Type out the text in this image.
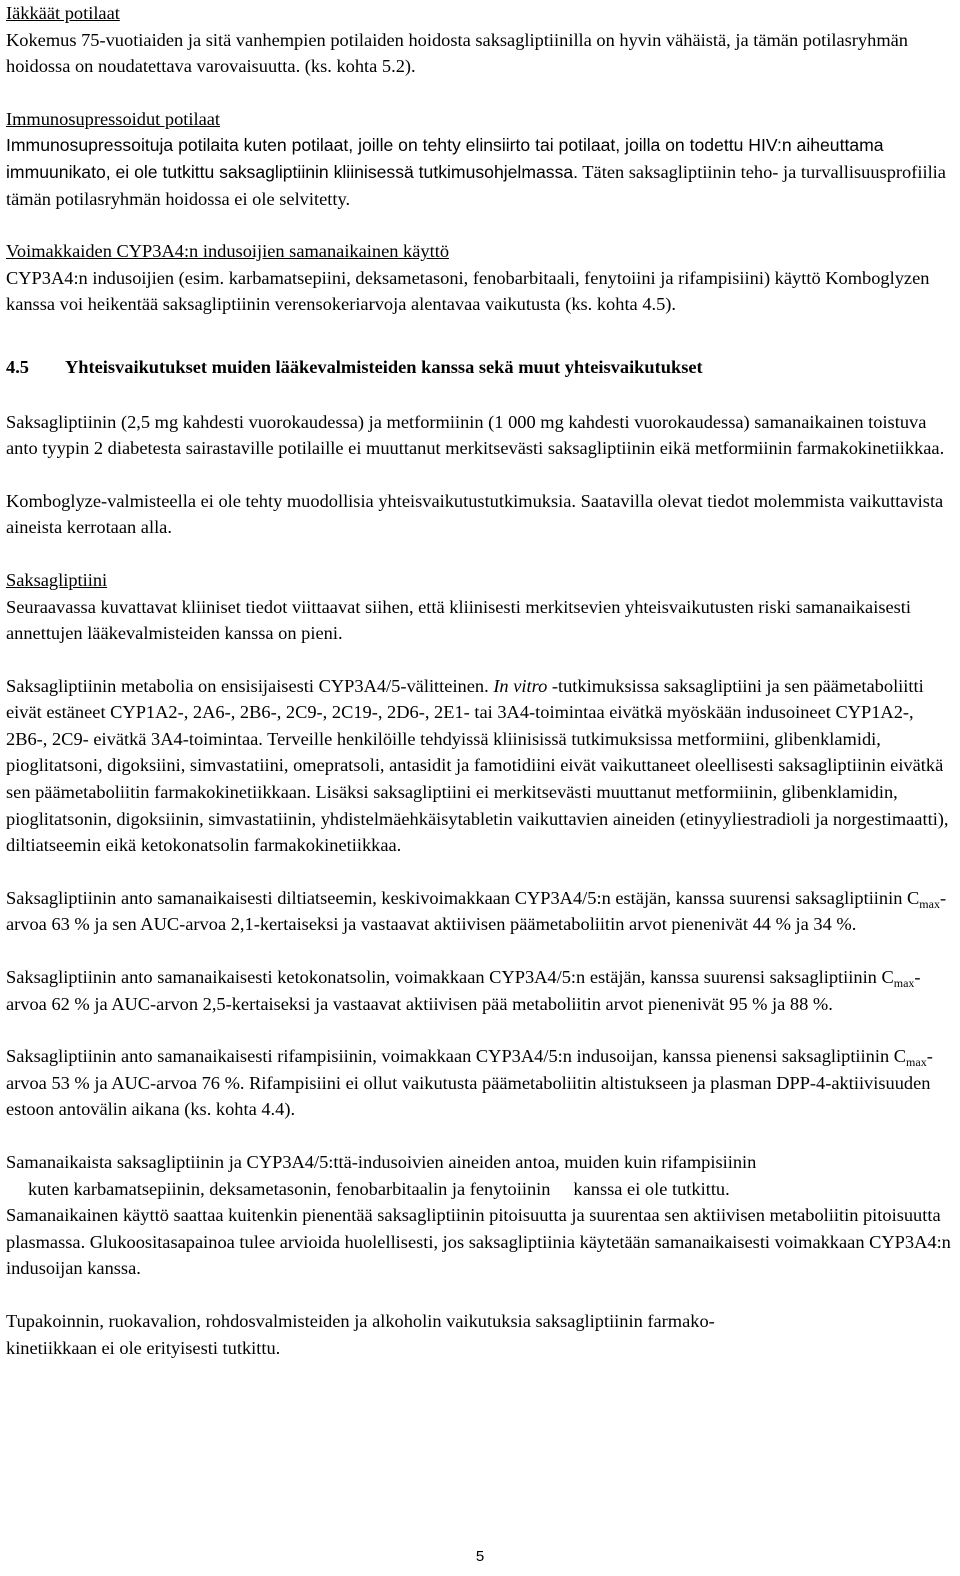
Iäkkäät potilaat
Kokemus 75-vuotiaiden ja sitä vanhempien potilaiden hoidosta saksagliptiinilla on hyvin vähäistä, ja tämän potilasryhmän hoidossa on noudatettava varovaisuutta. (ks. kohta 5.2).
Immunosupressoidut potilaat
Immunosupressoituja potilaita kuten potilaat, joille on tehty elinsiirto tai potilaat, joilla on todettu HIV:n aiheuttama immuunikato, ei ole tutkittu saksagliptiinin kliinisessä tutkimusohjelmassa. Täten saksagliptiinin teho- ja turvallisuusprofiilia tämän potilasryhmän hoidossa ei ole selvitetty.
Voimakkaiden CYP3A4:n indusoijien samanaikainen käyttö
CYP3A4:n indusoijien (esim. karbamatsepiini, deksametasoni, fenobarbitaali, fenytoiini ja rifampisiini) käyttö Komboglyzen kanssa voi heikentää saksagliptiinin verensokeriarvoja alentavaa vaikutusta (ks. kohta 4.5).
4.5	Yhteisvaikutukset muiden lääkevalmisteiden kanssa sekä muut yhteisvaikutukset
Saksagliptiinin (2,5 mg kahdesti vuorokaudessa) ja metformiinin (1 000 mg kahdesti vuorokaudessa) samanaikainen toistuva anto tyypin 2 diabetesta sairastaville potilaille ei muuttanut merkitsevästi saksagliptiinin eikä metformiinin farmakokinetiikkaa.
Komboglyze-valmisteella ei ole tehty muodollisia yhteisvaikutustutkimuksia. Saatavilla olevat tiedot molemmista vaikuttavista aineista kerrotaan alla.
Saksagliptiini
Seuraavassa kuvattavat kliiniset tiedot viittaavat siihen, että kliinisesti merkitsevien yhteisvaikutusten riski samanaikaisesti annettujen lääkevalmisteiden kanssa on pieni.
Saksagliptiinin metabolia on ensisijaisesti CYP3A4/5-välitteinen. In vitro -tutkimuksissa saksagliptiini ja sen päämetaboliitti eivät estäneet CYP1A2-, 2A6-, 2B6-, 2C9-, 2C19-, 2D6-, 2E1- tai 3A4-toimintaa eivätkä myöskään indusoineet CYP1A2-, 2B6-, 2C9- eivätkä 3A4-toimintaa. Terveille henkilöille tehdyissä kliinisissä tutkimuksissa metformiini, glibenklamidi, pioglitatsoni, digoksiini, simvastatiini, omepratsoli, antasidit ja famotidiini eivät vaikuttaneet oleellisesti saksagliptiinin eivätkä sen päämetaboliitin farmakokinetiikkaan. Lisäksi saksagliptiini ei merkitsevästi muuttanut metformiinin, glibenklamidin, pioglitatsonin, digoksiinin, simvastatiinin, yhdistelmäehkäisytabletin vaikuttavien aineiden (etinyyliestradioli ja norgestimaatti), diltiatseemin eikä ketokonatsolin farmakokinetiikkaa.
Saksagliptiinin anto samanaikaisesti diltiatseemin, keskivoimakkaan CYP3A4/5:n estäjän, kanssa suurensi saksagliptiinin $C_{max}$-arvoa 63 % ja sen AUC-arvoa 2,1-kertaiseksi ja vastaavat aktiivisen päämetaboliitin arvot pienenivät 44 % ja 34 %.
Saksagliptiinin anto samanaikaisesti ketokonatsolin, voimakkaan CYP3A4/5:n estäjän, kanssa suurensi saksagliptiinin $C_{max}$-arvoa 62 % ja AUC-arvon 2,5-kertaiseksi ja vastaavat aktiivisen pää metaboliitin arvot pienenivät 95 % ja 88 %.
Saksagliptiinin anto samanaikaisesti rifampisiinin, voimakkaan CYP3A4/5:n indusoijan, kanssa pienensi saksagliptiinin $C_{max}$-arvoa 53 % ja AUC-arvoa 76 %. Rifampisiini ei ollut vaikutusta päämetaboliitin altistukseen ja plasman DPP-4-aktiivisuuden estoon antovälin aikana (ks. kohta 4.4).
Samanaikaista saksagliptiinin ja CYP3A4/5:ttä-indusoivien aineiden antoa, muiden kuin rifampisiinin
kuten karbamatsepiinin, deksametasonin, fenobarbitaalin ja fenytoiinin     kanssa ei ole tutkittu.
Samanaikainen käyttö saattaa kuitenkin pienentää saksagliptiinin pitoisuutta ja suurentaa sen aktiivisen metaboliitin pitoisuutta plasmassa. Glukoositasapainoa tulee arvioida huolellisesti, jos saksagliptiinia käytetään samanaikaisesti voimakkaan CYP3A4:n indusoijan kanssa.
Tupakoinnin, ruokavalion, rohdosvalmisteiden ja alkoholin vaikutuksia saksagliptiinin farmako-
kinetiikkaan ei ole erityisesti tutkittu.
5
